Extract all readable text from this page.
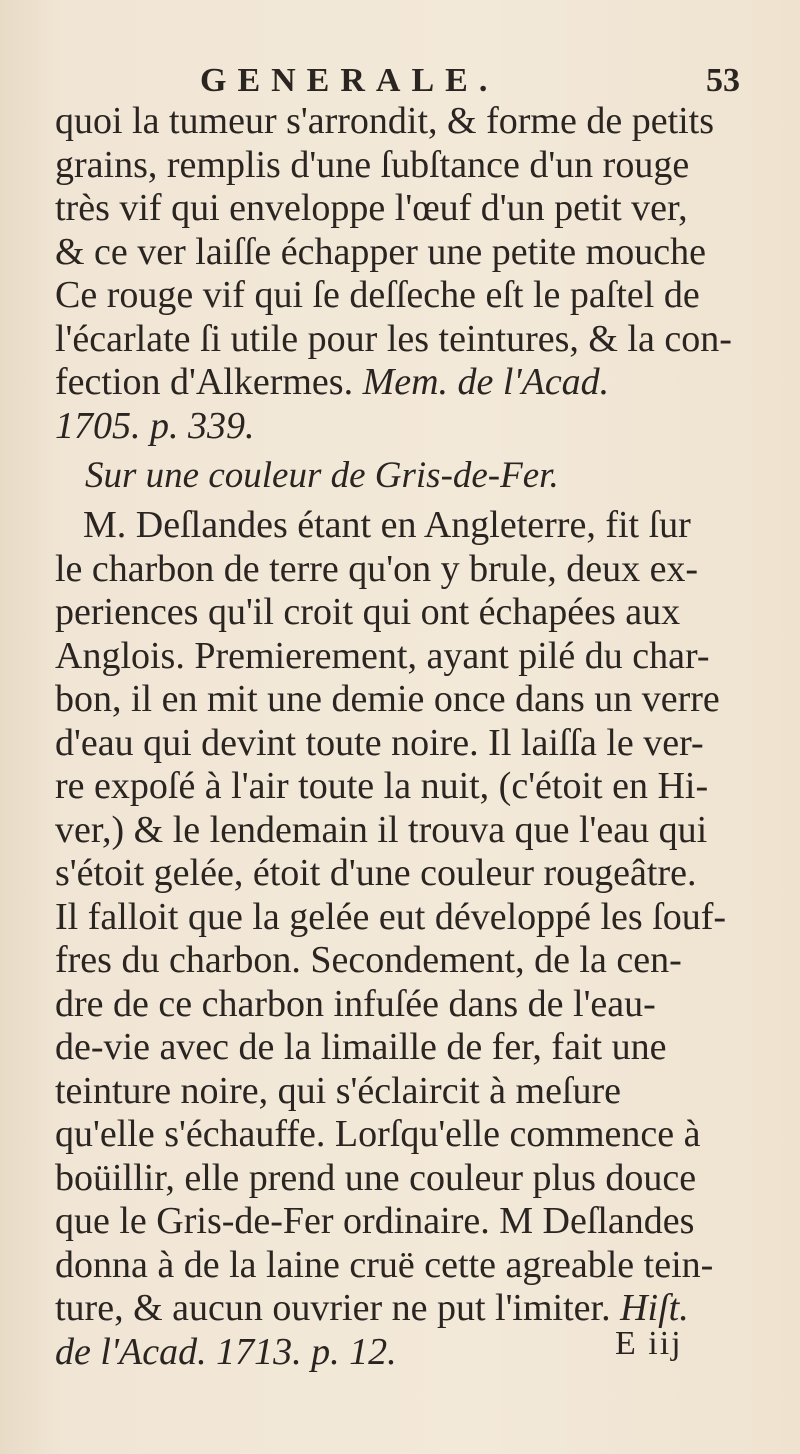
GENERALE.	53
quoi la tumeur s'arrondit, & forme de petits
grains, remplis d'une ſubſtance d'un rouge
très vif qui enveloppe l'œuf d'un petit ver,
& ce ver laiſſe échapper une petite mouche
Ce rouge vif qui ſe deſſeche eſt le paſtel de
l'écarlate ſi utile pour les teintures, & la con-
fection d'Alkermes. Mem. de l'Acad.
1705. p. 339.
Sur une couleur de Gris-de-Fer.
M. Deſlandes étant en Angleterre, fit ſur
le charbon de terre qu'on y brule, deux ex-
periences qu'il croit qui ont échapées aux
Anglois. Premierement, ayant pilé du char-
bon, il en mit une demie once dans un verre
d'eau qui devint toute noire. Il laiſſa le ver-
re expoſé à l'air toute la nuit, (c'étoit en Hi-
ver,) & le lendemain il trouva que l'eau qui
s'étoit gelée, étoit d'une couleur rougeâtre.
Il falloit que la gelée eut développé les ſouf-
fres du charbon. Secondement, de la cen-
dre de ce charbon infuſée dans de l'eau-
de-vie avec de la limaille de fer, fait une
teinture noire, qui s'éclaircit à meſure
qu'elle s'échauffe. Lorſqu'elle commence à
boüillir, elle prend une couleur plus douce
que le Gris-de-Fer ordinaire. M Deſlandes
donna à de la laine cruë cette agreable tein-
ture, & aucun ouvrier ne put l'imiter. Hiſt.
de l'Acad. 1713. p. 12.	E iij
